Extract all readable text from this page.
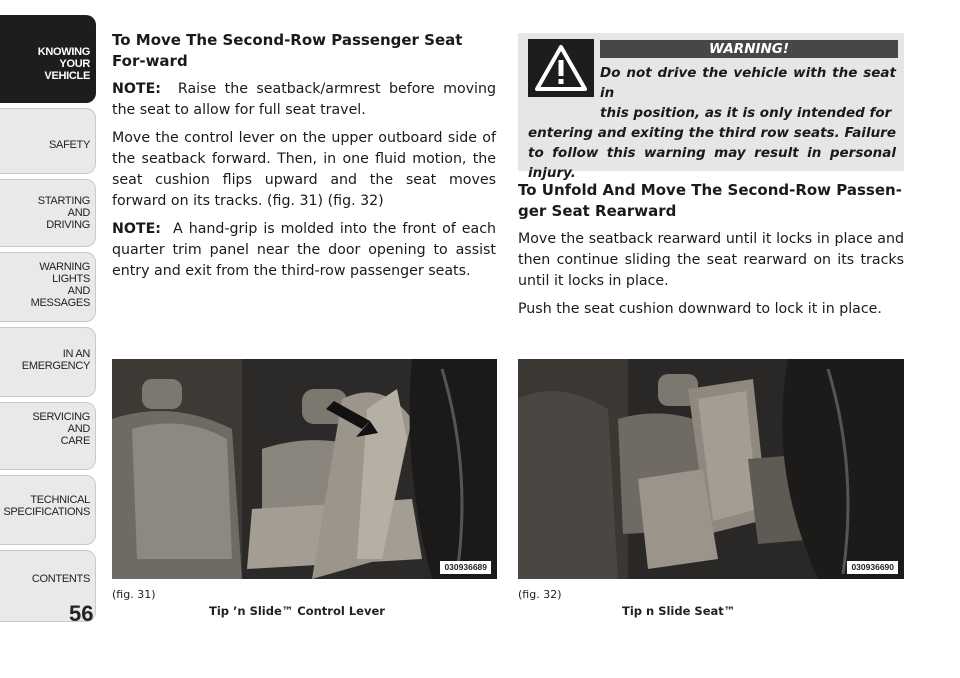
KNOWING
YOUR
VEHICLE
SAFETY
STARTING
AND
DRIVING
WARNING
LIGHTS
AND
MESSAGES
IN AN
EMERGENCY
SERVICING
AND
CARE
TECHNICAL
SPECIFICATIONS
CONTENTS
56
To Move The Second-Row Passenger Seat For-ward

NOTE: Raise the seatback/armrest before moving the seat to allow for full seat travel.

Move the control lever on the upper outboard side of the seatback forward. Then, in one fluid motion, the seat cushion flips upward and the seat moves forward on its tracks. (fig. 31) (fig. 32)

NOTE: A hand-grip is molded into the front of each quarter trim panel near the door opening to assist entry and exit from the third-row passenger seats.

WARNING!
Do not drive the vehicle with the seat in
this position, as it is only intended for
entering and exiting the third row seats. Failure to follow this warning may result in personal injury.
To Unfold And Move The Second-Row Passen-ger Seat Rearward

Move the seatback rearward until it locks in place and then continue sliding the seat rearward on its tracks until it locks in place.

Push the seat cushion downward to lock it in place.

030936689
(fig. 31)
Tip ’n Slide™ Control Lever
030936690
(fig. 32)
Tip n Slide Seat™
